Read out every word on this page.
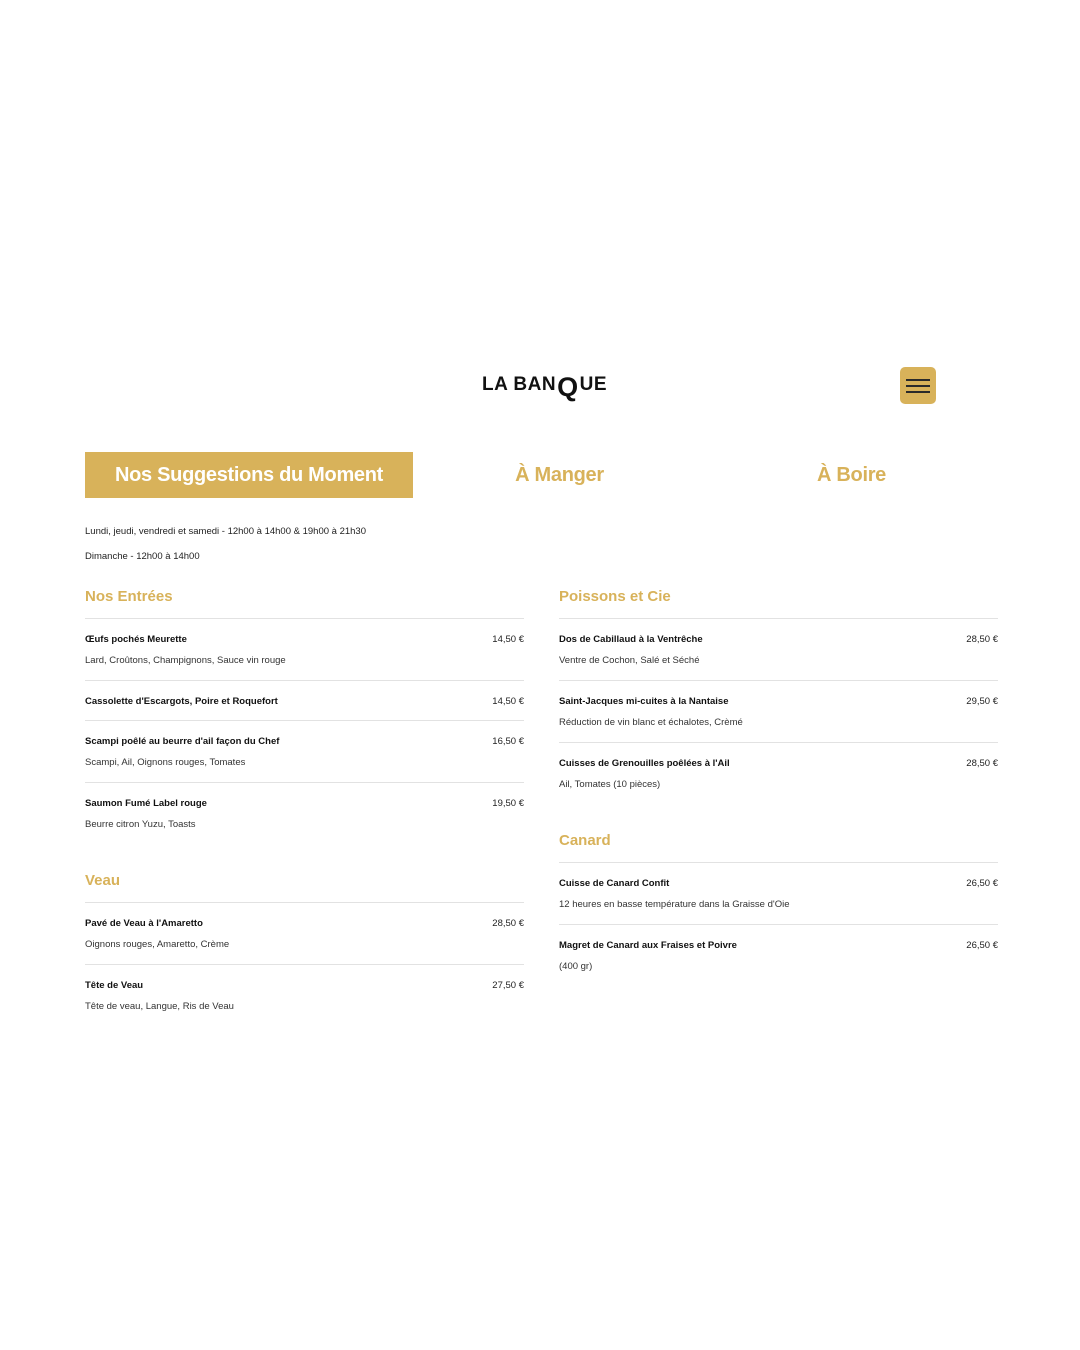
LA BAN Q UE
Nos Suggestions du Moment	À Manger	À Boire
Lundi, jeudi, vendredi et samedi - 12h00 à 14h00 & 19h00 à 21h30
Dimanche - 12h00 à 14h00
Nos Entrées
Œufs pochés Meurette	14,50 €
Lard, Croûtons, Champignons, Sauce vin rouge
Cassolette d'Escargots, Poire et Roquefort	14,50 €
Scampi poêlé au beurre d'ail façon du Chef	16,50 €
Scampi, Ail, Oignons rouges, Tomates
Saumon Fumé Label rouge	19,50 €
Beurre citron Yuzu, Toasts
Veau
Pavé de Veau à l'Amaretto	28,50 €
Oignons rouges, Amaretto, Crème
Tête de Veau	27,50 €
Tête de veau, Langue, Ris de Veau
Poissons et Cie
Dos de Cabillaud à la Ventrêche	28,50 €
Ventre de Cochon, Salé et Séché
Saint-Jacques mi-cuites à la Nantaise	29,50 €
Réduction de vin blanc et échalotes, Crèmé
Cuisses de Grenouilles poêlées à l'Ail	28,50 €
Ail, Tomates (10 pièces)
Canard
Cuisse de Canard Confit	26,50 €
12 heures en basse température dans la Graisse d'Oie
Magret de Canard aux Fraises et Poivre	26,50 €
(400 gr)
